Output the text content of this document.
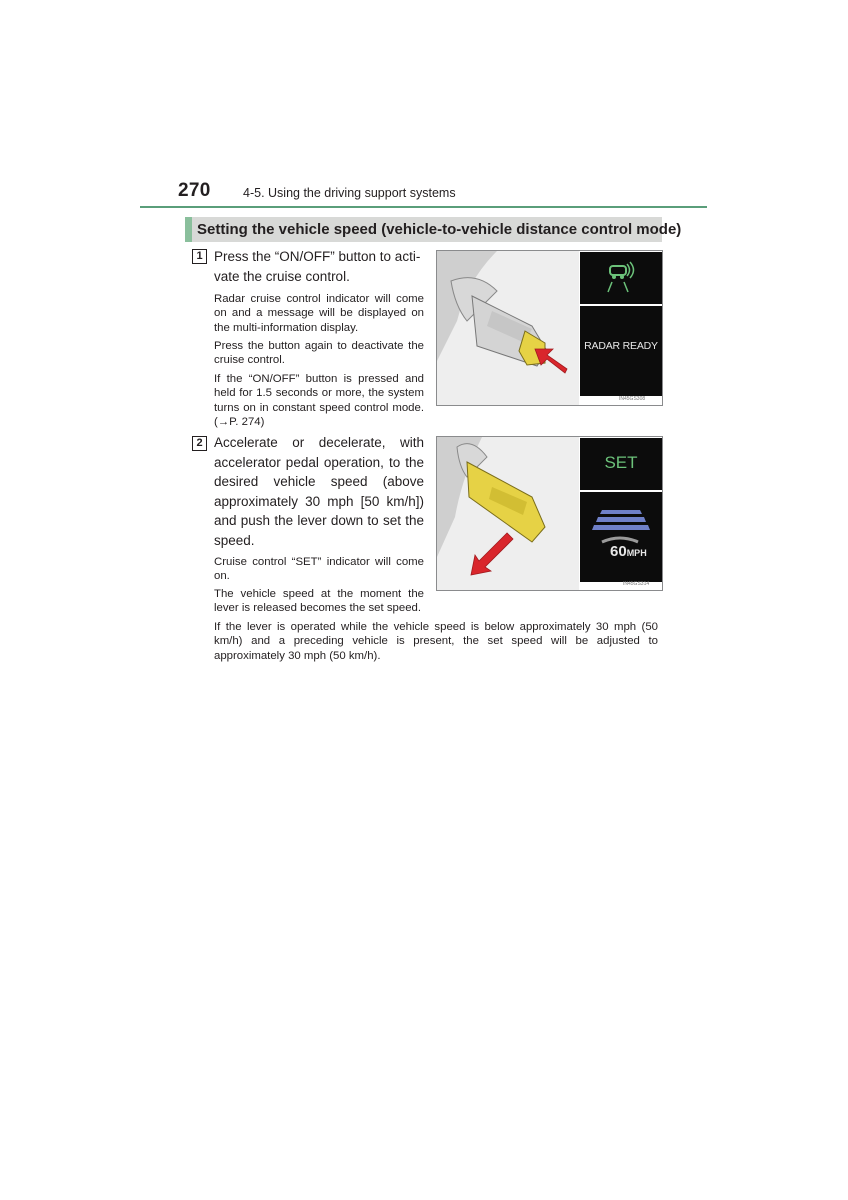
270	4-5. Using the driving support systems
Setting the vehicle speed (vehicle-to-vehicle distance control mode)
1 Press the “ON/OFF” button to acti-
vate the cruise control.
Radar cruise control indicator will come on and a message will be displayed on the multi-information display.
Press the button again to deactivate the cruise control.
If the “ON/OFF” button is pressed and held for 1.5 seconds or more, the system turns on in constant speed control mode. (→P. 274)
RADAR READY
IN45GS308
2 Accelerate or decelerate, with accelerator pedal operation, to the desired vehicle speed (above approximately 30 mph [50 km/h]) and push the lever down to set the speed.
Cruise control “SET” indicator will come on.
The vehicle speed at the moment the lever is released becomes the set speed.
SET
60MPH
IN45GS314
If the lever is operated while the vehicle speed is below approximately 30 mph (50 km/h) and a preceding vehicle is present, the set speed will be adjusted to approximately 30 mph (50 km/h).
